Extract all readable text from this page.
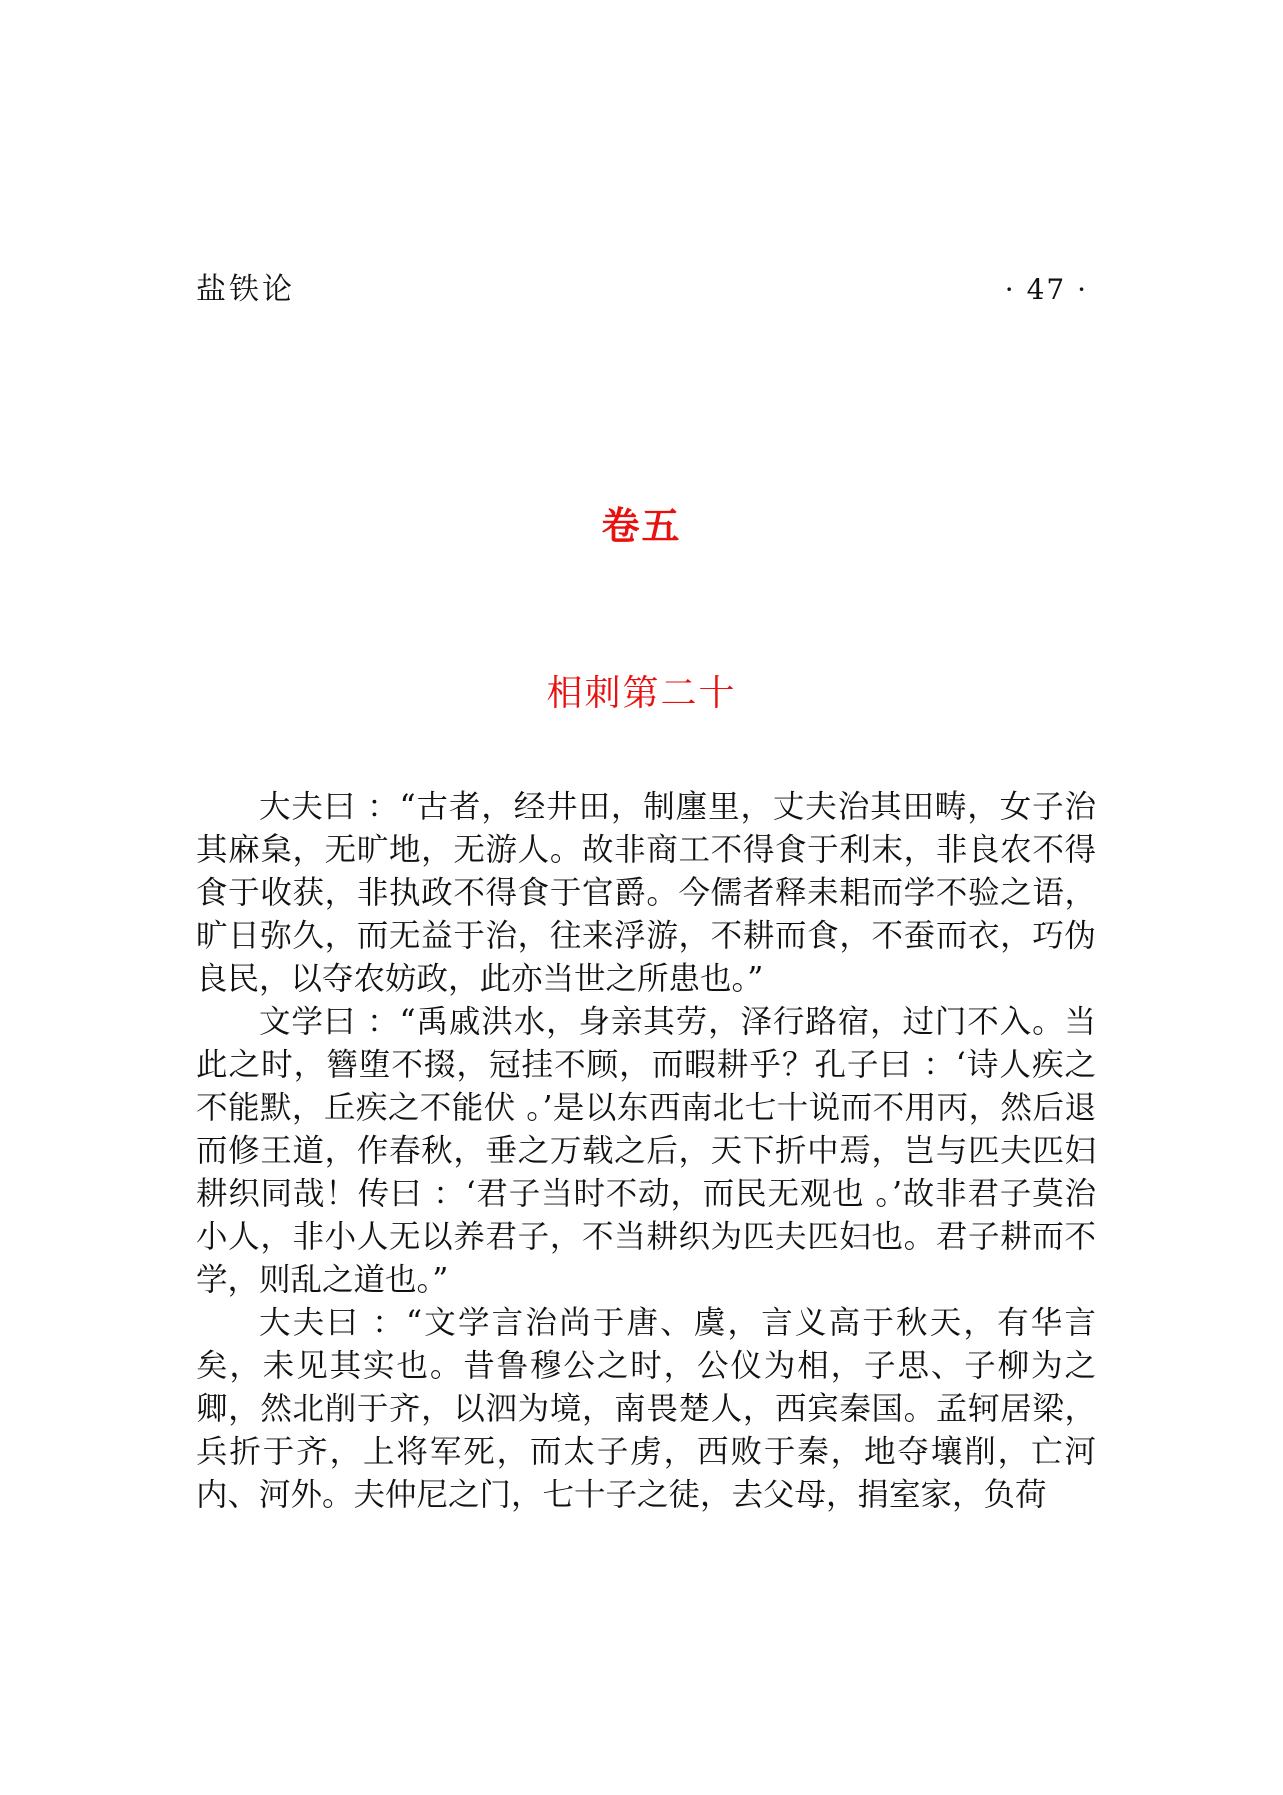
盐铁论	· 47 ·
卷五
相刺第二十

大夫曰 ：“古者，经井田，制廛里，丈夫治其田畴，女子治其麻枲，无旷地，无游人。故非商工不得食于利末，非良农不得食于收获，非执政不得食于官爵。今儒者释耒耜而学不验之语，旷日弥久，而无益于治，往来浮游，不耕而食，不蚕而衣，巧伪良民，以夺农妨政，此亦当世之所患也。”

文学曰 ：“禹戚洪水，身亲其劳，泽行路宿，过门不入。当此之时，簪堕不掇，冠挂不顾，而暇耕乎？孔子曰 ：‘诗人疾之不能默，丘疾之不能伏 。’是以东西南北七十说而不用丙，然后退而修王道，作春秋，垂之万载之后，天下折中焉，岂与匹夫匹妇耕织同哉！传曰 ：‘君子当时不动，而民无观也 。’故非君子莫治小人，非小人无以养君子，不当耕织为匹夫匹妇也。君子耕而不学，则乱之道也。”

大夫曰 ：“文学言治尚于唐、虞，言义高于秋天，有华言矣，未见其实也。昔鲁穆公之时，公仪为相，子思、子柳为之卿，然北削于齐，以泗为境，南畏楚人，西宾秦国。孟轲居梁，兵折于齐，上将军死，而太子虏，西败于秦，地夺壤削，亡河内、河外。夫仲尼之门，七十子之徒，去父母，捐室家，负荷
